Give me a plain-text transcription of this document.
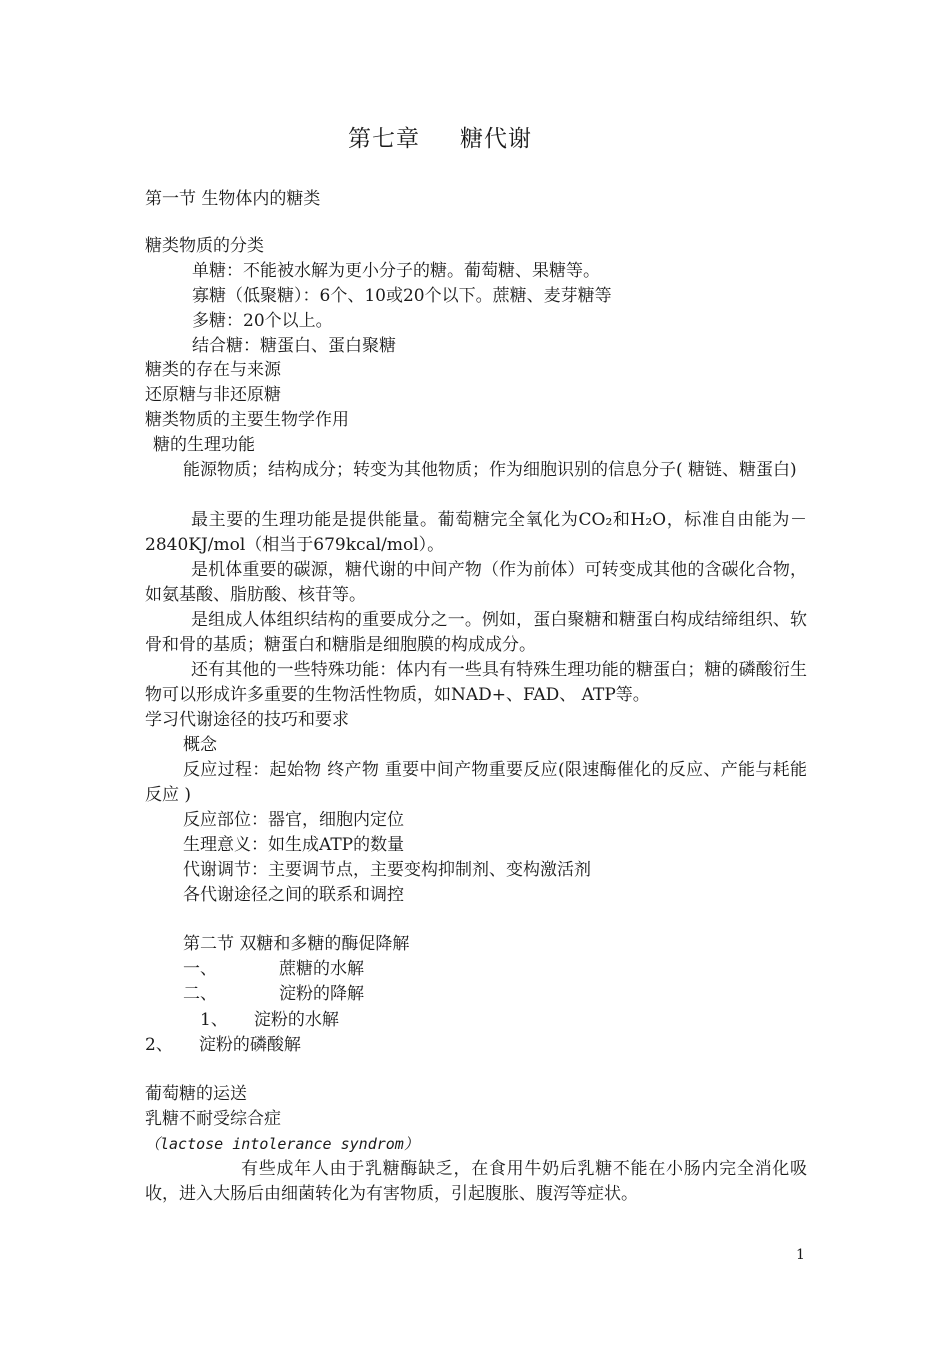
第七章 糖代谢
第一节 生物体内的糖类
糖类物质的分类
单糖：不能被水解为更小分子的糖。葡萄糖、果糖等。
寡糖（低聚糖）：6个、10或20个以下。蔗糖、麦芽糖等
多糖：20个以上。
结合糖：糖蛋白、蛋白聚糖
糖类的存在与来源
还原糖与非还原糖
糖类物质的主要生物学作用
糖的生理功能
能源物质；结构成分；转变为其他物质；作为细胞识别的信息分子( 糖链、糖蛋白)
最主要的生理功能是提供能量。葡萄糖完全氧化为CO₂和H₂O，标准自由能为－2840KJ/mol（相当于679kcal/mol）。
是机体重要的碳源，糖代谢的中间产物（作为前体）可转变成其他的含碳化合物，如氨基酸、脂肪酸、核苷等。
是组成人体组织结构的重要成分之一。例如，蛋白聚糖和糖蛋白构成结缔组织、软骨和骨的基质；糖蛋白和糖脂是细胞膜的构成成分。
还有其他的一些特殊功能：体内有一些具有特殊生理功能的糖蛋白；糖的磷酸衍生物可以形成许多重要的生物活性物质，如NAD+、FAD、 ATP等。
学习代谢途径的技巧和要求
概念
反应过程：起始物 终产物 重要中间产物重要反应(限速酶催化的反应、产能与耗能反应 )
反应部位：器官，细胞内定位
生理意义：如生成ATP的数量
代谢调节：主要调节点，主要变构抑制剂、变构激活剂
各代谢途径之间的联系和调控
第二节 双糖和多糖的酶促降解
一、	蔗糖的水解
二、	淀粉的降解
1、 淀粉的水解
2、 淀粉的磷酸解
葡萄糖的运送
乳糖不耐受综合症
（lactose intolerance syndrom）
有些成年人由于乳糖酶缺乏，在食用牛奶后乳糖不能在小肠内完全消化吸收，进入大肠后由细菌转化为有害物质，引起腹胀、腹泻等症状。
1
